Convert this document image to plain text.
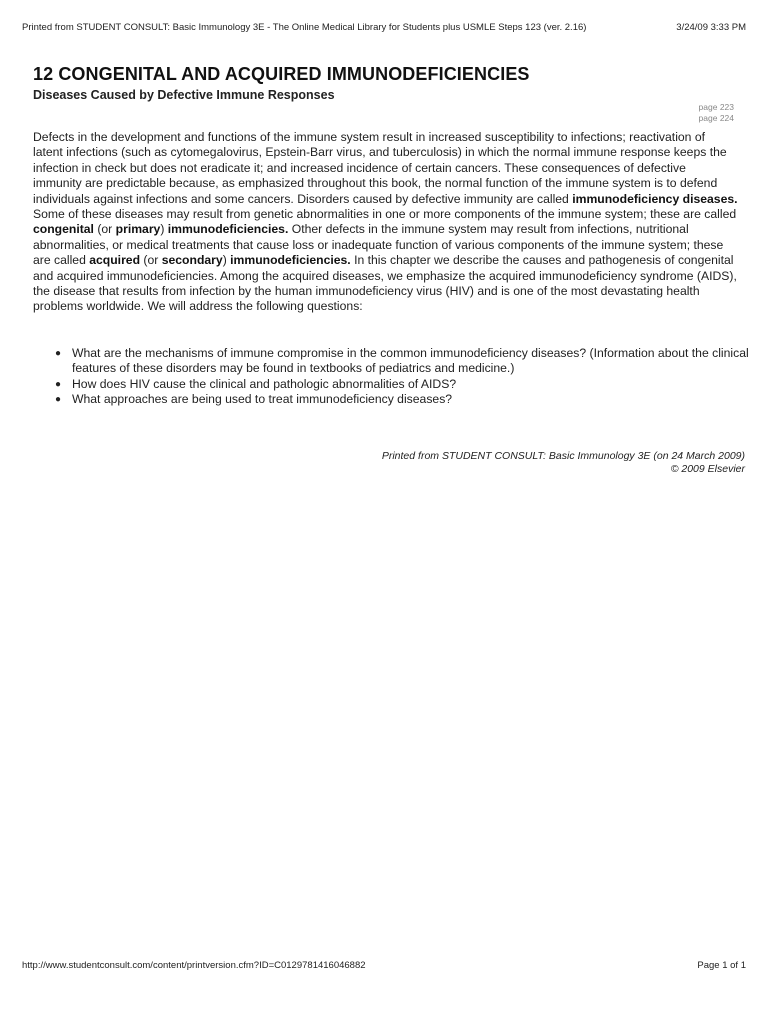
Printed from STUDENT CONSULT: Basic Immunology 3E - The Online Medical Library for Students plus USMLE Steps 123 (ver. 2.16)	3/24/09 3:33 PM
12 CONGENITAL AND ACQUIRED IMMUNODEFICIENCIES
Diseases Caused by Defective Immune Responses
page 223
page 224

Defects in the development and functions of the immune system result in increased susceptibility to infections; reactivation of latent infections (such as cytomegalovirus, Epstein-Barr virus, and tuberculosis) in which the normal immune response keeps the infection in check but does not eradicate it; and increased incidence of certain cancers. These consequences of defective immunity are predictable because, as emphasized throughout this book, the normal function of the immune system is to defend individuals against infections and some cancers. Disorders caused by defective immunity are called immunodeficiency diseases. Some of these diseases may result from genetic abnormalities in one or more components of the immune system; these are called congenital (or primary) immunodeficiencies. Other defects in the immune system may result from infections, nutritional abnormalities, or medical treatments that cause loss or inadequate function of various components of the immune system; these are called acquired (or secondary) immunodeficiencies. In this chapter we describe the causes and pathogenesis of congenital and acquired immunodeficiencies. Among the acquired diseases, we emphasize the acquired immunodeficiency syndrome (AIDS), the disease that results from infection by the human immunodeficiency virus (HIV) and is one of the most devastating health problems worldwide. We will address the following questions:

● What are the mechanisms of immune compromise in the common immunodeficiency diseases? (Information about the clinical features of these disorders may be found in textbooks of pediatrics and medicine.)
● How does HIV cause the clinical and pathologic abnormalities of AIDS?
● What approaches are being used to treat immunodeficiency diseases?
Printed from STUDENT CONSULT: Basic Immunology 3E (on 24 March 2009)
© 2009 Elsevier
http://www.studentconsult.com/content/printversion.cfm?ID=C0129781416046882	Page 1 of 1
